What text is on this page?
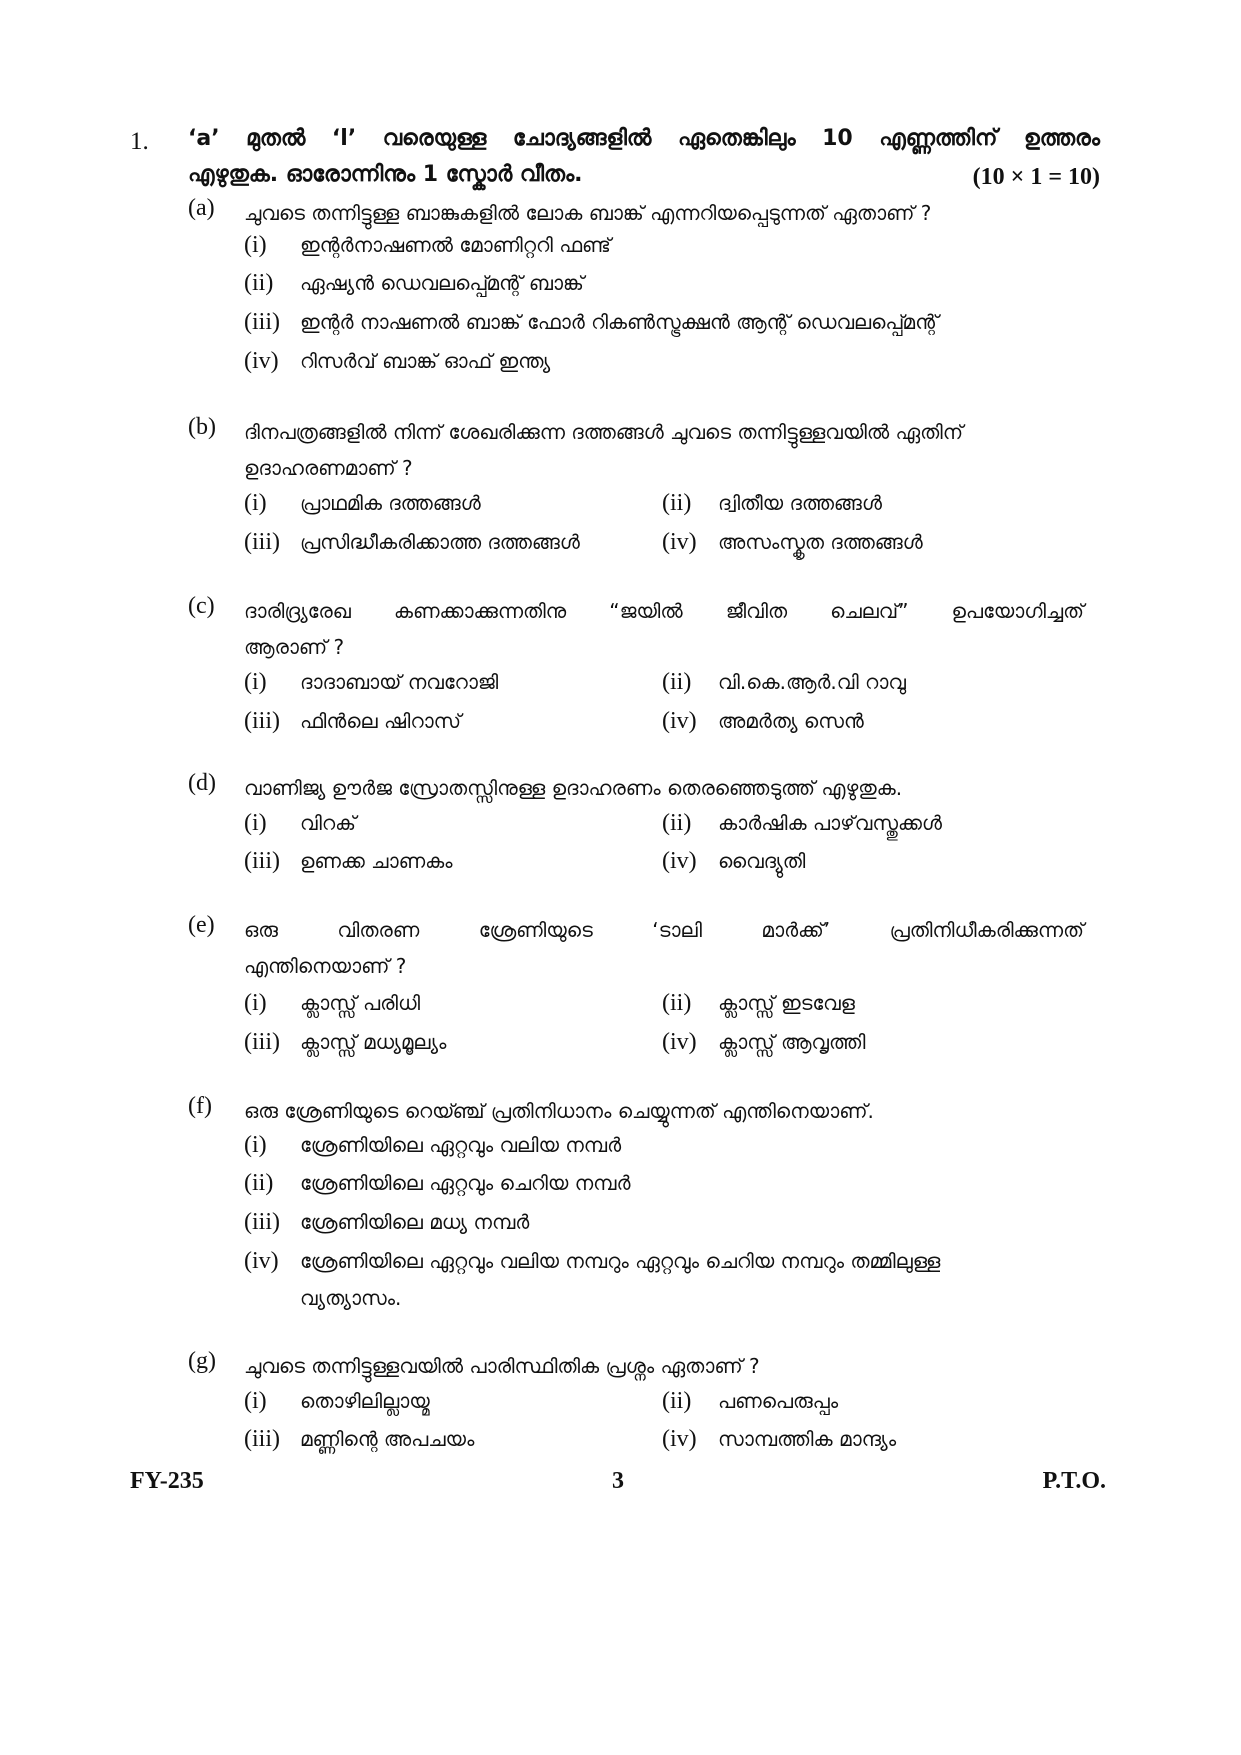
1. ‘a’ മുതൽ ‘l’ വരെയുള്ള ചോദ്യങ്ങളിൽ ഏതെങ്കിലും 10 എണ്ണത്തിന് ഉത്തരം
എഴുതുക. ഓരോന്നിനും 1 സ്കോർ വീതം.	(10 × 1 = 10)
(a) ചുവടെ തന്നിട്ടുള്ള ബാങ്കുകളിൽ ലോക ബാങ്ക് എന്നറിയപ്പെടുന്നത് ഏതാണ് ?
(i) ഇന്റർനാഷണൽ മോണിറ്ററി ഫണ്ട്
(ii) ഏഷ്യൻ ഡെവലപ്പ്മെന്റ് ബാങ്ക്
(iii) ഇന്റർ നാഷണൽ ബാങ്ക് ഫോർ റികൺസ്ട്രക്ഷൻ ആന്റ് ഡെവലപ്പ്മെന്റ്
(iv) റിസർവ് ബാങ്ക് ഓഫ് ഇന്ത്യ
(b) ദിനപത്രങ്ങളിൽ നിന്ന് ശേഖരിക്കുന്ന ദത്തങ്ങൾ ചുവടെ തന്നിട്ടുള്ളവയിൽ ഏതിന്
ഉദാഹരണമാണ് ?
(i) പ്രാഥമിക ദത്തങ്ങൾ	(ii) ദ്വിതീയ ദത്തങ്ങൾ
(iii) പ്രസിദ്ധീകരിക്കാത്ത ദത്തങ്ങൾ	(iv) അസംസ്കൃത ദത്തങ്ങൾ
(c) ദാരിദ്ര്യരേഖ കണക്കാക്കുന്നതിനു “ജയിൽ ജീവിത ചെലവ്” ഉപയോഗിച്ചത്
ആരാണ് ?
(i) ദാദാബായ് നവറോജി	(ii) വി.കെ.ആർ.വി റാവു
(iii) ഫിൻലെ ഷിറാസ്	(iv) അമർത്യ സെൻ
(d) വാണിജ്യ ഊർജ സ്രോതസ്സിനുള്ള ഉദാഹരണം തെരഞ്ഞെടുത്ത് എഴുതുക.
(i) വിറക്	(ii) കാർഷിക പാഴ്‌വസ്തുക്കൾ
(iii) ഉണക്ക ചാണകം	(iv) വൈദ്യുതി
(e) ഒരു വിതരണ ശ്രേണിയുടെ ‘ടാലി മാർക്ക്’ പ്രതിനിധീകരിക്കുന്നത്
എന്തിനെയാണ് ?
(i) ക്ലാസ്സ് പരിധി	(ii) ക്ലാസ്സ് ഇടവേള
(iii) ക്ലാസ്സ് മധ്യമൂല്യം	(iv) ക്ലാസ്സ് ആവൃത്തി
(f) ഒരു ശ്രേണിയുടെ റെയ്ഞ്ച് പ്രതിനിധാനം ചെയ്യുന്നത് എന്തിനെയാണ്.
(i) ശ്രേണിയിലെ ഏറ്റവും വലിയ നമ്പർ
(ii) ശ്രേണിയിലെ ഏറ്റവും ചെറിയ നമ്പർ
(iii) ശ്രേണിയിലെ മധ്യ നമ്പർ
(iv) ശ്രേണിയിലെ ഏറ്റവും വലിയ നമ്പറും ഏറ്റവും ചെറിയ നമ്പറും തമ്മിലുള്ള
വ്യത്യാസം.
(g) ചുവടെ തന്നിട്ടുള്ളവയിൽ പാരിസ്ഥിതിക പ്രശ്നം ഏതാണ് ?
(i) തൊഴിലില്ലായ്മ	(ii) പണപെരുപ്പം
(iii) മണ്ണിന്റെ അപചയം	(iv) സാമ്പത്തിക മാന്ദ്യം
FY-235	3	P.T.O.
